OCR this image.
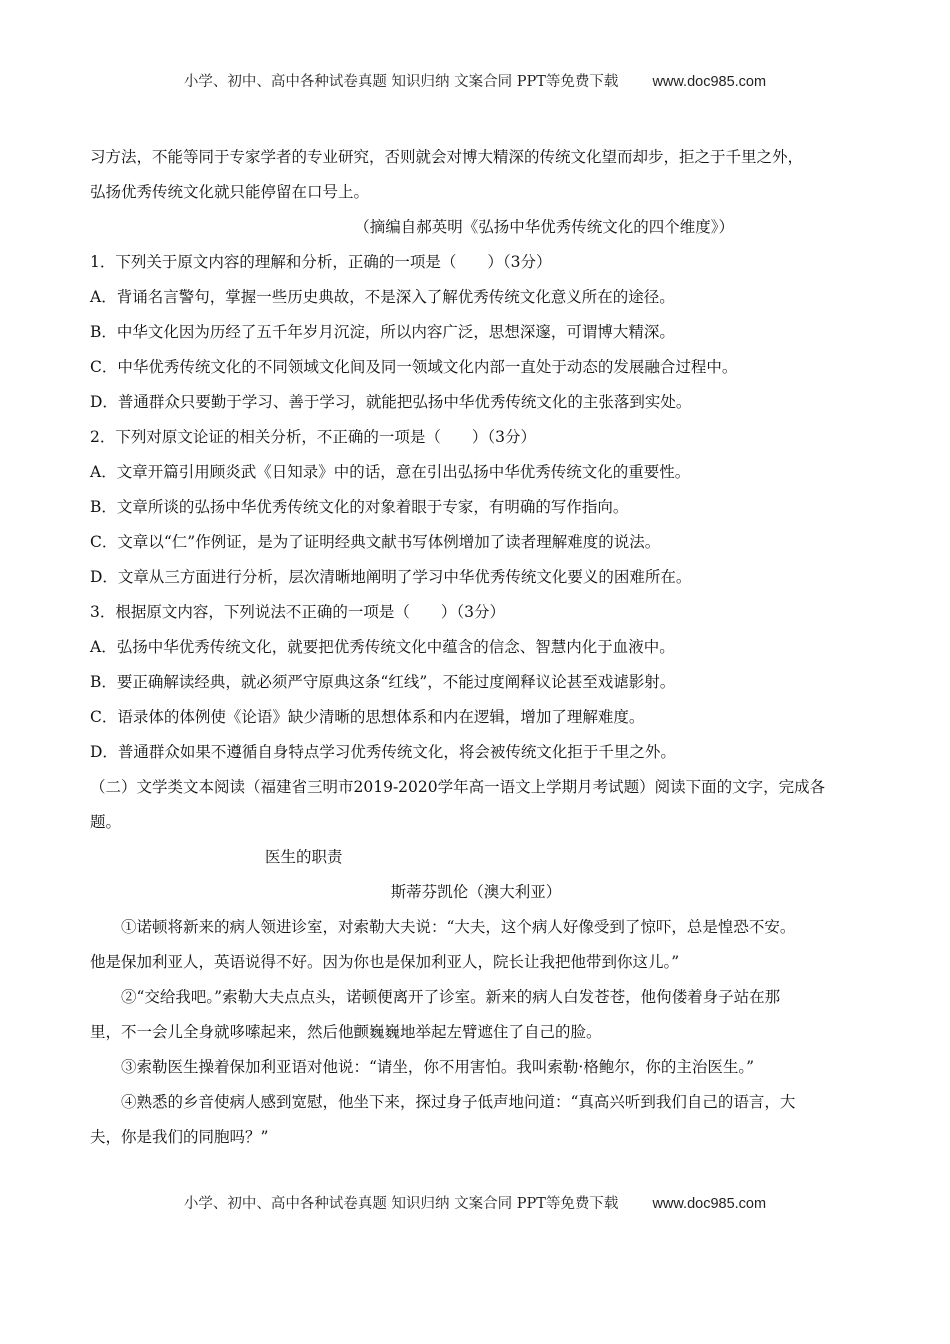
小学、初中、高中各种试卷真题 知识归纳 文案合同 PPT等免费下载 www.doc985.com

习方法，不能等同于专家学者的专业研究，否则就会对博大精深的传统文化望而却步，拒之于千里之外，

弘扬优秀传统文化就只能停留在口号上。

（摘编自郝英明《弘扬中华优秀传统文化的四个维度》）

1．下列关于原文内容的理解和分析，正确的一项是（　　）（3分）

A．背诵名言警句，掌握一些历史典故，不是深入了解优秀传统文化意义所在的途径。

B．中华文化因为历经了五千年岁月沉淀，所以内容广泛，思想深邃，可谓博大精深。

C．中华优秀传统文化的不同领域文化间及同一领域文化内部一直处于动态的发展融合过程中。

D．普通群众只要勤于学习、善于学习，就能把弘扬中华优秀传统文化的主张落到实处。

2．下列对原文论证的相关分析，不正确的一项是（　　）（3分）

A．文章开篇引用顾炎武《日知录》中的话，意在引出弘扬中华优秀传统文化的重要性。

B．文章所谈的弘扬中华优秀传统文化的对象着眼于专家，有明确的写作指向。

C．文章以“仁”作例证，是为了证明经典文献书写体例增加了读者理解难度的说法。

D．文章从三方面进行分析，层次清晰地阐明了学习中华优秀传统文化要义的困难所在。

3．根据原文内容，下列说法不正确的一项是（　　）（3分）

A．弘扬中华优秀传统文化，就要把优秀传统文化中蕴含的信念、智慧内化于血液中。

B．要正确解读经典，就必须严守原典这条“红线”，不能过度阐释议论甚至戏谑影射。

C．语录体的体例使《论语》缺少清晰的思想体系和内在逻辑，增加了理解难度。

D．普通群众如果不遵循自身特点学习优秀传统文化，将会被传统文化拒于千里之外。

（二）文学类文本阅读（福建省三明市2019-2020学年高一语文上学期月考试题）阅读下面的文字，完成各

题。

医生的职责

斯蒂芬凯伦（澳大利亚）

①诺顿将新来的病人领进诊室，对索勒大夫说：“大夫，这个病人好像受到了惊吓，总是惶恐不安。

他是保加利亚人，英语说得不好。因为你也是保加利亚人，院长让我把他带到你这儿。”

②“交给我吧。”索勒大夫点点头，诺顿便离开了诊室。新来的病人白发苍苍，他佝偻着身子站在那

里，不一会儿全身就哆嗦起来，然后他颤巍巍地举起左臂遮住了自己的脸。

③索勒医生操着保加利亚语对他说：“请坐，你不用害怕。我叫索勒·格鲍尔，你的主治医生。”

④熟悉的乡音使病人感到宽慰，他坐下来，探过身子低声地问道：“真高兴听到我们自己的语言，大

夫，你是我们的同胞吗？”

小学、初中、高中各种试卷真题 知识归纳 文案合同 PPT等免费下载 www.doc985.com
